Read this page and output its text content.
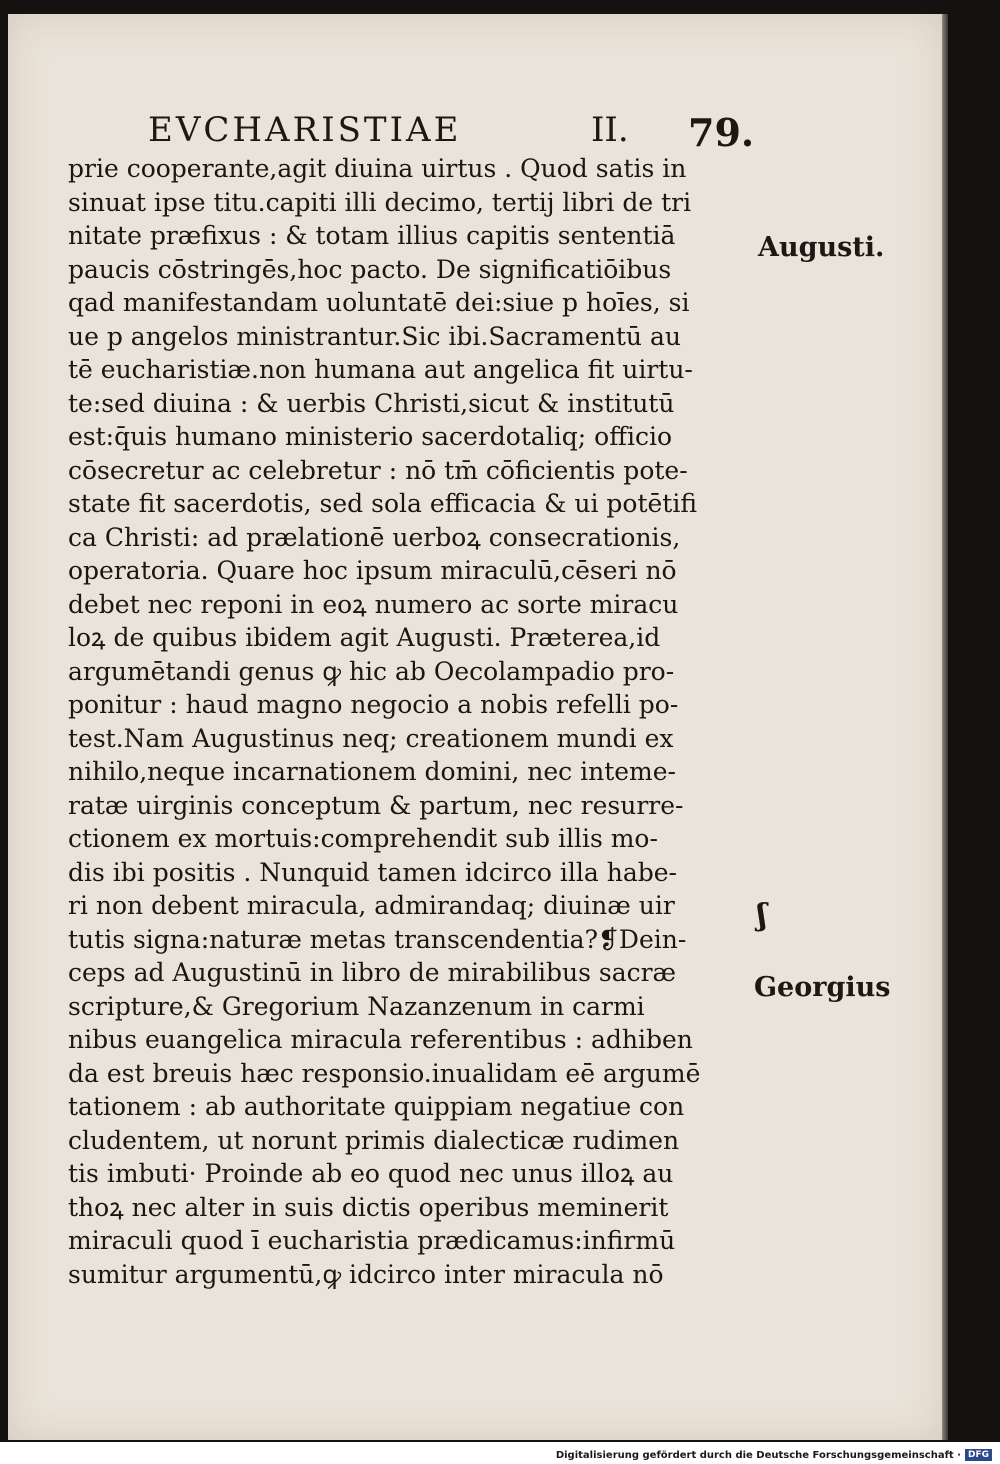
EVCHARISTIAE	II. 79.
prie cooperante,agit diuina uirtus . Quod satis in
sinuat ipse titu.capiti illi decimo, tertij libri de tri
nitate præfixus : & totam illius capitis sententiā
paucis cōstringēs,hoc pacto. De significatiōibus
qad manifestandam uoluntatē dei:siue p hoīes, si
ue p angelos ministrantur.Sic ibi.Sacramentū au
tē eucharistiæ.non humana aut angelica fit uirtu-
te:sed diuina : & uerbis Christi,sicut & institutū
est:q̄uis humano ministerio sacerdotaliq; officio
cōsecretur ac celebretur : nō tm̄ cōficientis pote-
state fit sacerdotis, sed sola efficacia & ui potētifi
ca Christi: ad prælationē uerboꝝ consecrationis,
operatoria. Quare hoc ipsum miraculū,cēseri nō
debet nec reponi in eoꝝ numero ac sorte miracu
loꝝ de quibus ibidem agit Augusti. Præterea,id
argumētandi genus ꝙ hic ab Oecolampadio pro-
ponitur : haud magno negocio a nobis refelli po-
test.Nam Augustinus neq; creationem mundi ex
nihilo,neque incarnationem domini, nec inteme-
ratæ uirginis conceptum & partum, nec resurre-
ctionem ex mortuis:comprehendit sub illis mo-
dis ibi positis . Nunquid tamen idcirco illa habe-
ri non debent miracula, admirandaq; diuinæ uir
tutis signa:naturæ metas transcendentia?❡Dein-
ceps ad Augustinū in libro de mirabilibus sacræ
scripture,& Gregorium Nazanzenum in carmi
nibus euangelica miracula referentibus : adhiben
da est breuis hæc responsio.inualidam eē argumē
tationem : ab authoritate quippiam negatiue con
cludentem, ut norunt primis dialecticæ rudimen
tis imbuti· Proinde ab eo quod nec unus illoꝝ au
thoꝝ nec alter in suis dictis operibus meminerit
miraculi quod ī eucharistia prædicamus:infirmū
sumitur argumentū,ꝙ idcirco inter miracula nō
Augusti.
ʃ
Georgius
Digitalisierung gefördert durch die Deutsche Forschungsgemeinschaft · DFG
